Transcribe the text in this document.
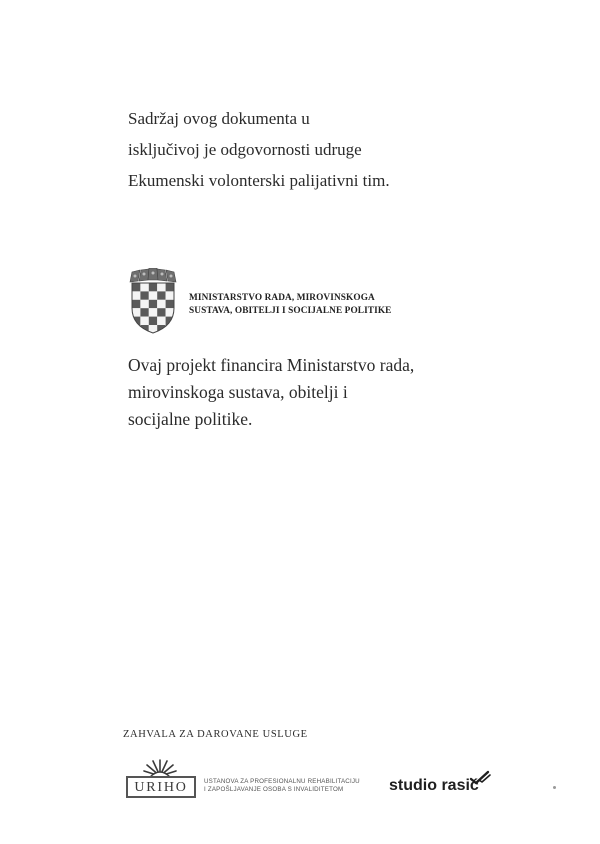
Sadržaj ovog dokumenta u
isključivoj je odgovornosti udruge
Ekumenski volonterski palijativni tim.
MINISTARSTVO RADA, MIROVINSKOGA
SUSTAVA, OBITELJI I SOCIJALNE POLITIKE
Ovaj projekt financira Ministarstvo rada,
mirovinskoga sustava, obitelji i
socijalne politike.
ZAHVALA ZA DAROVANE USLUGE
URIHO	USTANOVA ZA PROFESIONALNU REHABILITACIJU
I ZAPOŠLJAVANJE OSOBA S INVALIDITETOM	studio rasić
